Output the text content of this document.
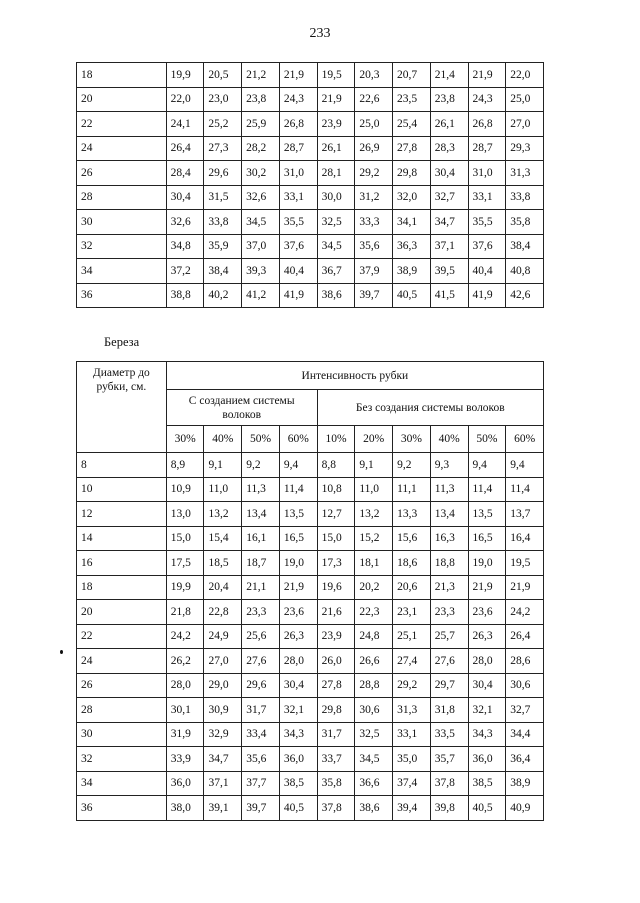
233
18	19,9	20,5	21,2	21,9	19,5	20,3	20,7	21,4	21,9	22,0
20	22,0	23,0	23,8	24,3	21,9	22,6	23,5	23,8	24,3	25,0
22	24,1	25,2	25,9	26,8	23,9	25,0	25,4	26,1	26,8	27,0
24	26,4	27,3	28,2	28,7	26,1	26,9	27,8	28,3	28,7	29,3
26	28,4	29,6	30,2	31,0	28,1	29,2	29,8	30,4	31,0	31,3
28	30,4	31,5	32,6	33,1	30,0	31,2	32,0	32,7	33,1	33,8
30	32,6	33,8	34,5	35,5	32,5	33,3	34,1	34,7	35,5	35,8
32	34,8	35,9	37,0	37,6	34,5	35,6	36,3	37,1	37,6	38,4
34	37,2	38,4	39,3	40,4	36,7	37,9	38,9	39,5	40,4	40,8
36	38,8	40,2	41,2	41,9	38,6	39,7	40,5	41,5	41,9	42,6
Береза
Диаметр до рубки, см.	Интенсивность рубки									
	С созданием системы волоков				Без создания системы волоков					
	30%	40%	50%	60%	10%	20%	30%	40%	50%	60%
8	8,9	9,1	9,2	9,4	8,8	9,1	9,2	9,3	9,4	9,4
10	10,9	11,0	11,3	11,4	10,8	11,0	11,1	11,3	11,4	11,4
12	13,0	13,2	13,4	13,5	12,7	13,2	13,3	13,4	13,5	13,7
14	15,0	15,4	16,1	16,5	15,0	15,2	15,6	16,3	16,5	16,4
16	17,5	18,5	18,7	19,0	17,3	18,1	18,6	18,8	19,0	19,5
18	19,9	20,4	21,1	21,9	19,6	20,2	20,6	21,3	21,9	21,9
20	21,8	22,8	23,3	23,6	21,6	22,3	23,1	23,3	23,6	24,2
22	24,2	24,9	25,6	26,3	23,9	24,8	25,1	25,7	26,3	26,4
24	26,2	27,0	27,6	28,0	26,0	26,6	27,4	27,6	28,0	28,6
26	28,0	29,0	29,6	30,4	27,8	28,8	29,2	29,7	30,4	30,6
28	30,1	30,9	31,7	32,1	29,8	30,6	31,3	31,8	32,1	32,7
30	31,9	32,9	33,4	34,3	31,7	32,5	33,1	33,5	34,3	34,4
32	33,9	34,7	35,6	36,0	33,7	34,5	35,0	35,7	36,0	36,4
34	36,0	37,1	37,7	38,5	35,8	36,6	37,4	37,8	38,5	38,9
36	38,0	39,1	39,7	40,5	37,8	38,6	39,4	39,8	40,5	40,9
